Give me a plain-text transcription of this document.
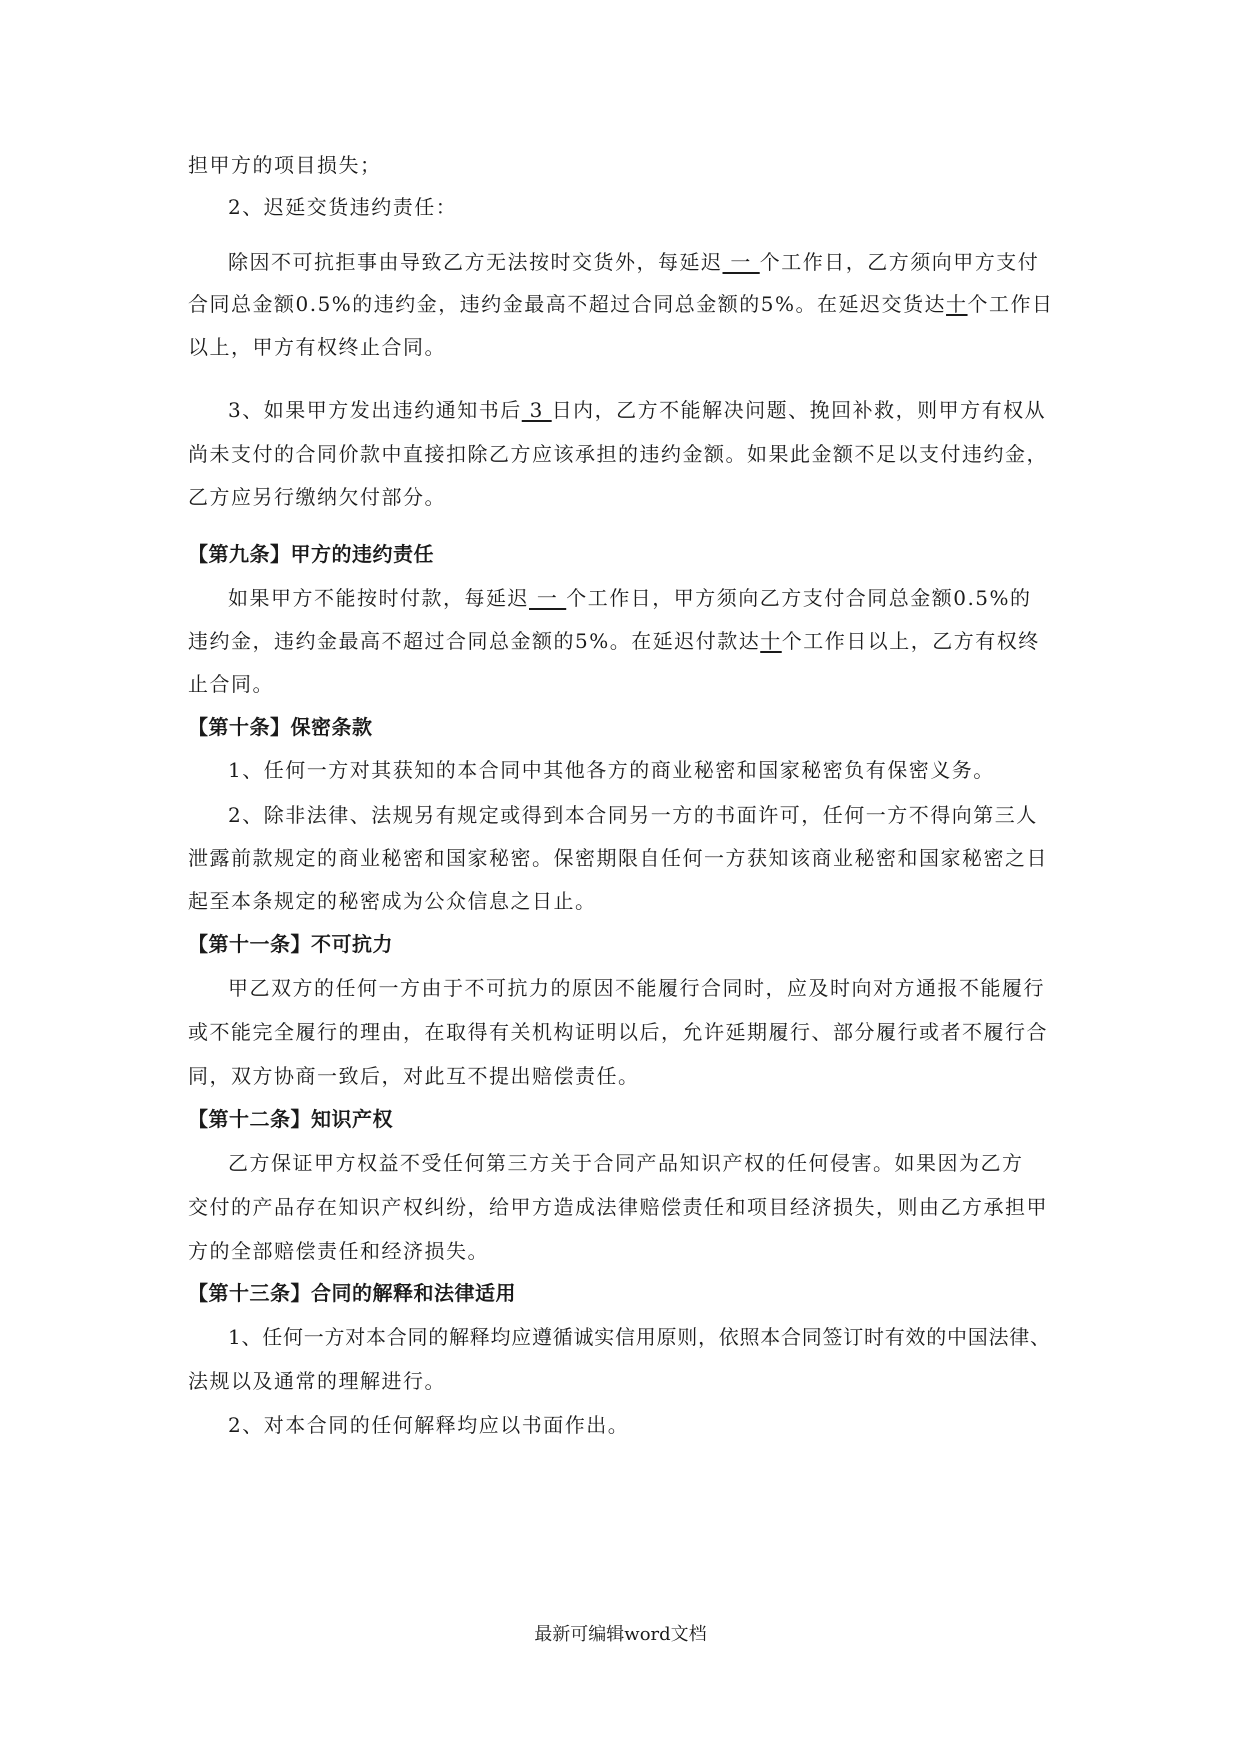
担甲方的项目损失；
2、迟延交货违约责任：
除因不可抗拒事由导致乙方无法按时交货外，每延迟 一 个工作日，乙方须向甲方支付
合同总金额0.5%的违约金，违约金最高不超过合同总金额的5%。在延迟交货达十个工作日
以上，甲方有权终止合同。
3、如果甲方发出违约通知书后 3 日内，乙方不能解决问题、挽回补救，则甲方有权从
尚未支付的合同价款中直接扣除乙方应该承担的违约金额。如果此金额不足以支付违约金，
乙方应另行缴纳欠付部分。
【第九条】甲方的违约责任
如果甲方不能按时付款，每延迟 一 个工作日，甲方须向乙方支付合同总金额0.5%的
违约金，违约金最高不超过合同总金额的5%。在延迟付款达十个工作日以上，乙方有权终
止合同。
【第十条】保密条款
1、任何一方对其获知的本合同中其他各方的商业秘密和国家秘密负有保密义务。
2、除非法律、法规另有规定或得到本合同另一方的书面许可，任何一方不得向第三人
泄露前款规定的商业秘密和国家秘密。保密期限自任何一方获知该商业秘密和国家秘密之日
起至本条规定的秘密成为公众信息之日止。
【第十一条】不可抗力
甲乙双方的任何一方由于不可抗力的原因不能履行合同时，应及时向对方通报不能履行
或不能完全履行的理由，在取得有关机构证明以后，允许延期履行、部分履行或者不履行合
同，双方协商一致后，对此互不提出赔偿责任。
【第十二条】知识产权
乙方保证甲方权益不受任何第三方关于合同产品知识产权的任何侵害。如果因为乙方
交付的产品存在知识产权纠纷，给甲方造成法律赔偿责任和项目经济损失，则由乙方承担甲
方的全部赔偿责任和经济损失。
【第十三条】合同的解释和法律适用
1、任何一方对本合同的解释均应遵循诚实信用原则，依照本合同签订时有效的中国法律、
法规以及通常的理解进行。
2、对本合同的任何解释均应以书面作出。
最新可编辑word文档
